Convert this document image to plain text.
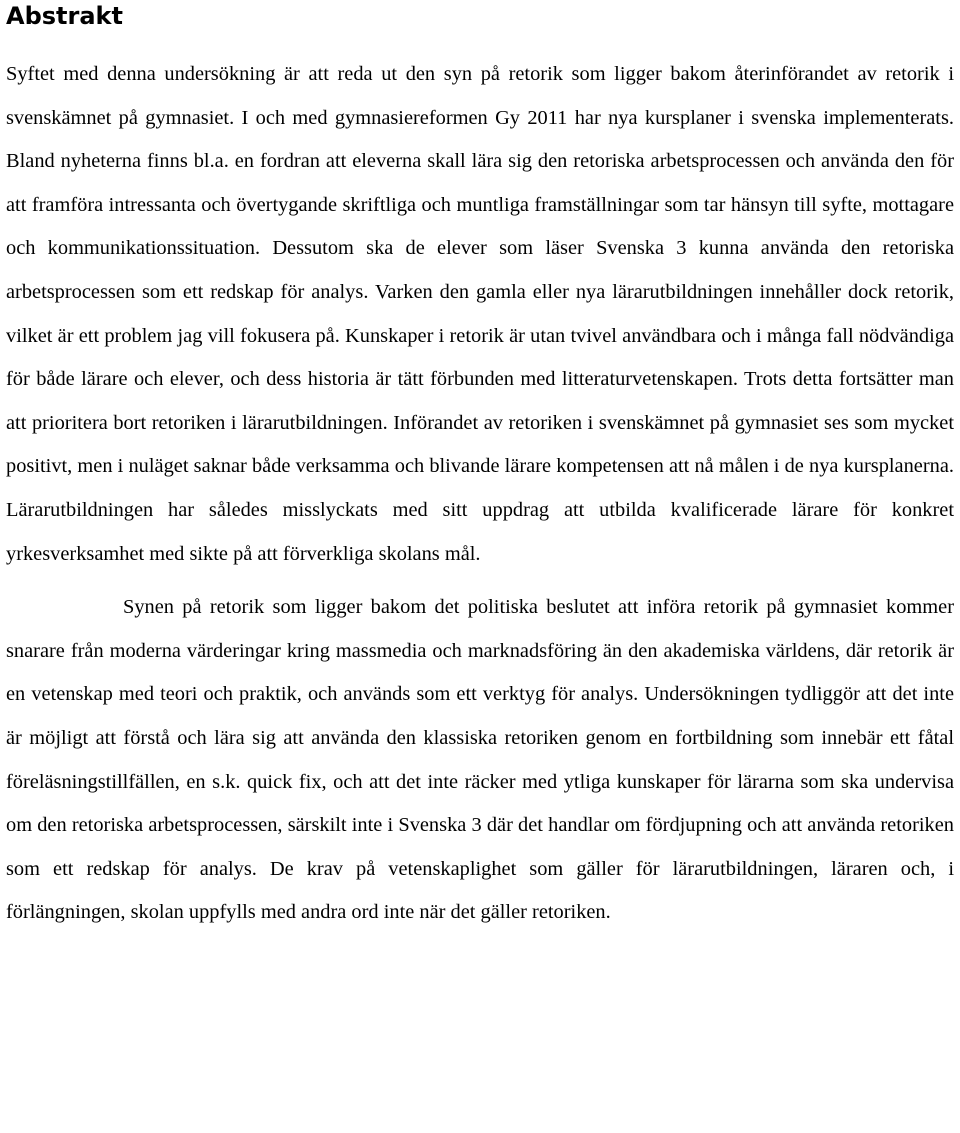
Abstrakt

Syftet med denna undersökning är att reda ut den syn på retorik som ligger bakom återinförandet av retorik i svenskämnet på gymnasiet. I och med gymnasiereformen Gy 2011 har nya kursplaner i svenska implementerats. Bland nyheterna finns bl.a. en fordran att eleverna skall lära sig den retoriska arbetsprocessen och använda den för att framföra intressanta och övertygande skriftliga och muntliga framställningar som tar hänsyn till syfte, mottagare och kommunikationssituation. Dessutom ska de elever som läser Svenska 3 kunna använda den retoriska arbetsprocessen som ett redskap för analys. Varken den gamla eller nya lärarutbildningen innehåller dock retorik, vilket är ett problem jag vill fokusera på. Kunskaper i retorik är utan tvivel användbara och i många fall nödvändiga för både lärare och elever, och dess historia är tätt förbunden med litteraturvetenskapen. Trots detta fortsätter man att prioritera bort retoriken i lärarutbildningen. Införandet av retoriken i svenskämnet på gymnasiet ses som mycket positivt, men i nuläget saknar både verksamma och blivande lärare kompetensen att nå målen i de nya kursplanerna. Lärarutbildningen har således misslyckats med sitt uppdrag att utbilda kvalificerade lärare för konkret yrkesverksamhet med sikte på att förverkliga skolans mål.

Synen på retorik som ligger bakom det politiska beslutet att införa retorik på gymnasiet kommer snarare från moderna värderingar kring massmedia och marknadsföring än den akademiska världens, där retorik är en vetenskap med teori och praktik, och används som ett verktyg för analys. Undersökningen tydliggör att det inte är möjligt att förstå och lära sig att använda den klassiska retoriken genom en fortbildning som innebär ett fåtal föreläsningstillfällen, en s.k. quick fix, och att det inte räcker med ytliga kunskaper för lärarna som ska undervisa om den retoriska arbetsprocessen, särskilt inte i Svenska 3 där det handlar om fördjupning och att använda retoriken som ett redskap för analys. De krav på vetenskaplighet som gäller för lärarutbildningen, läraren och, i förlängningen, skolan uppfylls med andra ord inte när det gäller retoriken.
